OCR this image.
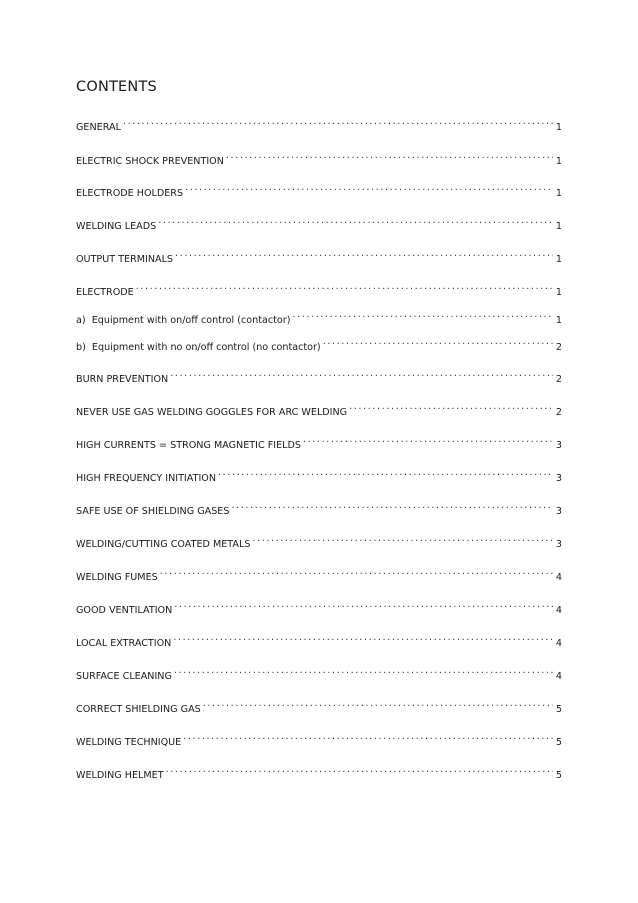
CONTENTS
GENERAL .....	1
ELECTRIC SHOCK PREVENTION .....	1
ELECTRODE HOLDERS .....	1
WELDING LEADS .....	1
OUTPUT TERMINALS .....	1
ELECTRODE .....	1
a)  Equipment with on/off control (contactor) .....	1
b)  Equipment with no on/off control (no contactor) .....	2
BURN PREVENTION .....	2
NEVER USE GAS WELDING GOGGLES FOR ARC WELDING .....	2
HIGH CURRENTS = STRONG MAGNETIC FIELDS .....	3
HIGH FREQUENCY INITIATION .....	3
SAFE USE OF SHIELDING GASES .....	3
WELDING/CUTTING COATED METALS .....	3
WELDING FUMES .....	4
GOOD VENTILATION .....	4
LOCAL EXTRACTION .....	4
SURFACE CLEANING .....	4
CORRECT SHIELDING GAS .....	5
WELDING TECHNIQUE .....	5
WELDING HELMET .....	5
